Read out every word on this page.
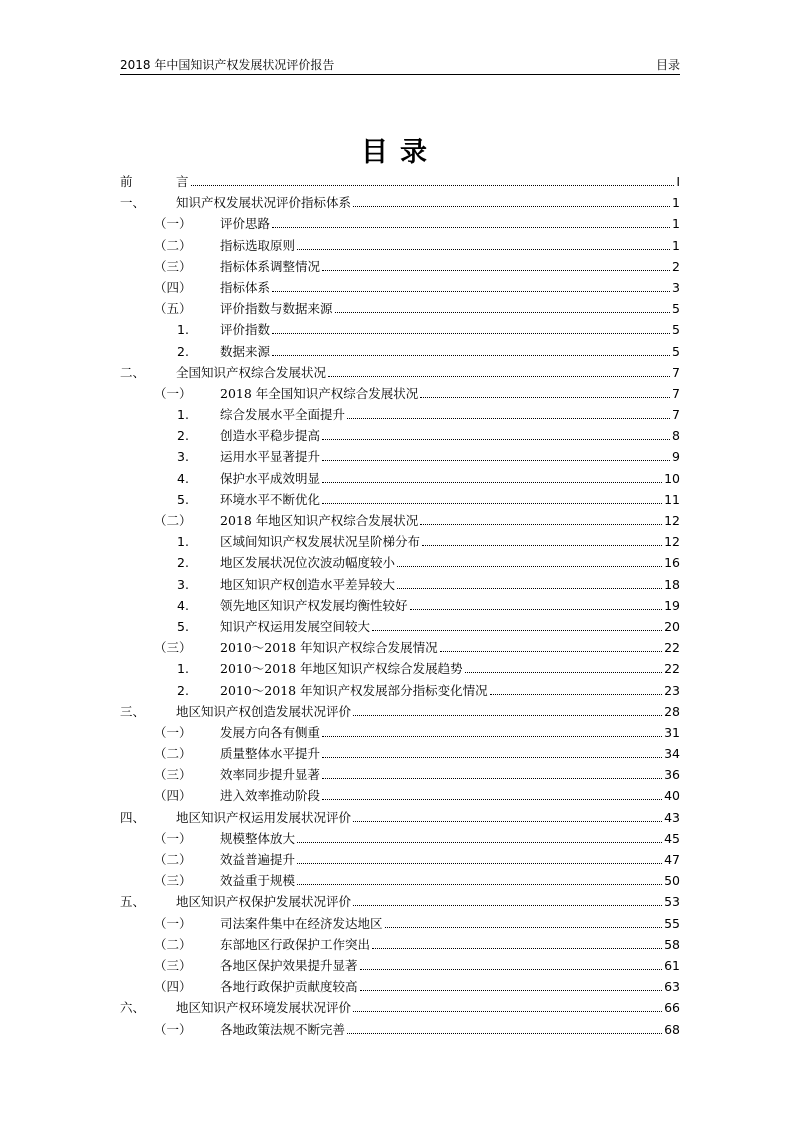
2018 年中国知识产权发展状况评价报告	目录
目录
前	言	I
一、 知识产权发展状况评价指标体系	1
（一） 评价思路	1
（二） 指标选取原则	1
（三） 指标体系调整情况	2
（四） 指标体系	3
（五） 评价指数与数据来源	5
1. 评价指数	5
2. 数据来源	5
二、 全国知识产权综合发展状况	7
（一） 2018 年全国知识产权综合发展状况	7
1. 综合发展水平全面提升	7
2. 创造水平稳步提高	8
3. 运用水平显著提升	9
4. 保护水平成效明显	10
5. 环境水平不断优化	11
（二） 2018 年地区知识产权综合发展状况	12
1. 区域间知识产权发展状况呈阶梯分布	12
2. 地区发展状况位次波动幅度较小	16
3. 地区知识产权创造水平差异较大	18
4. 领先地区知识产权发展均衡性较好	19
5. 知识产权运用发展空间较大	20
（三） 2010～2018 年知识产权综合发展情况	22
1. 2010～2018 年地区知识产权综合发展趋势	22
2. 2010～2018 年知识产权发展部分指标变化情况	23
三、 地区知识产权创造发展状况评价	28
（一） 发展方向各有侧重	31
（二） 质量整体水平提升	34
（三） 效率同步提升显著	36
（四） 进入效率推动阶段	40
四、 地区知识产权运用发展状况评价	43
（一） 规模整体放大	45
（二） 效益普遍提升	47
（三） 效益重于规模	50
五、 地区知识产权保护发展状况评价	53
（一） 司法案件集中在经济发达地区	55
（二） 东部地区行政保护工作突出	58
（三） 各地区保护效果提升显著	61
（四） 各地行政保护贡献度较高	63
六、 地区知识产权环境发展状况评价	66
（一） 各地政策法规不断完善	68
